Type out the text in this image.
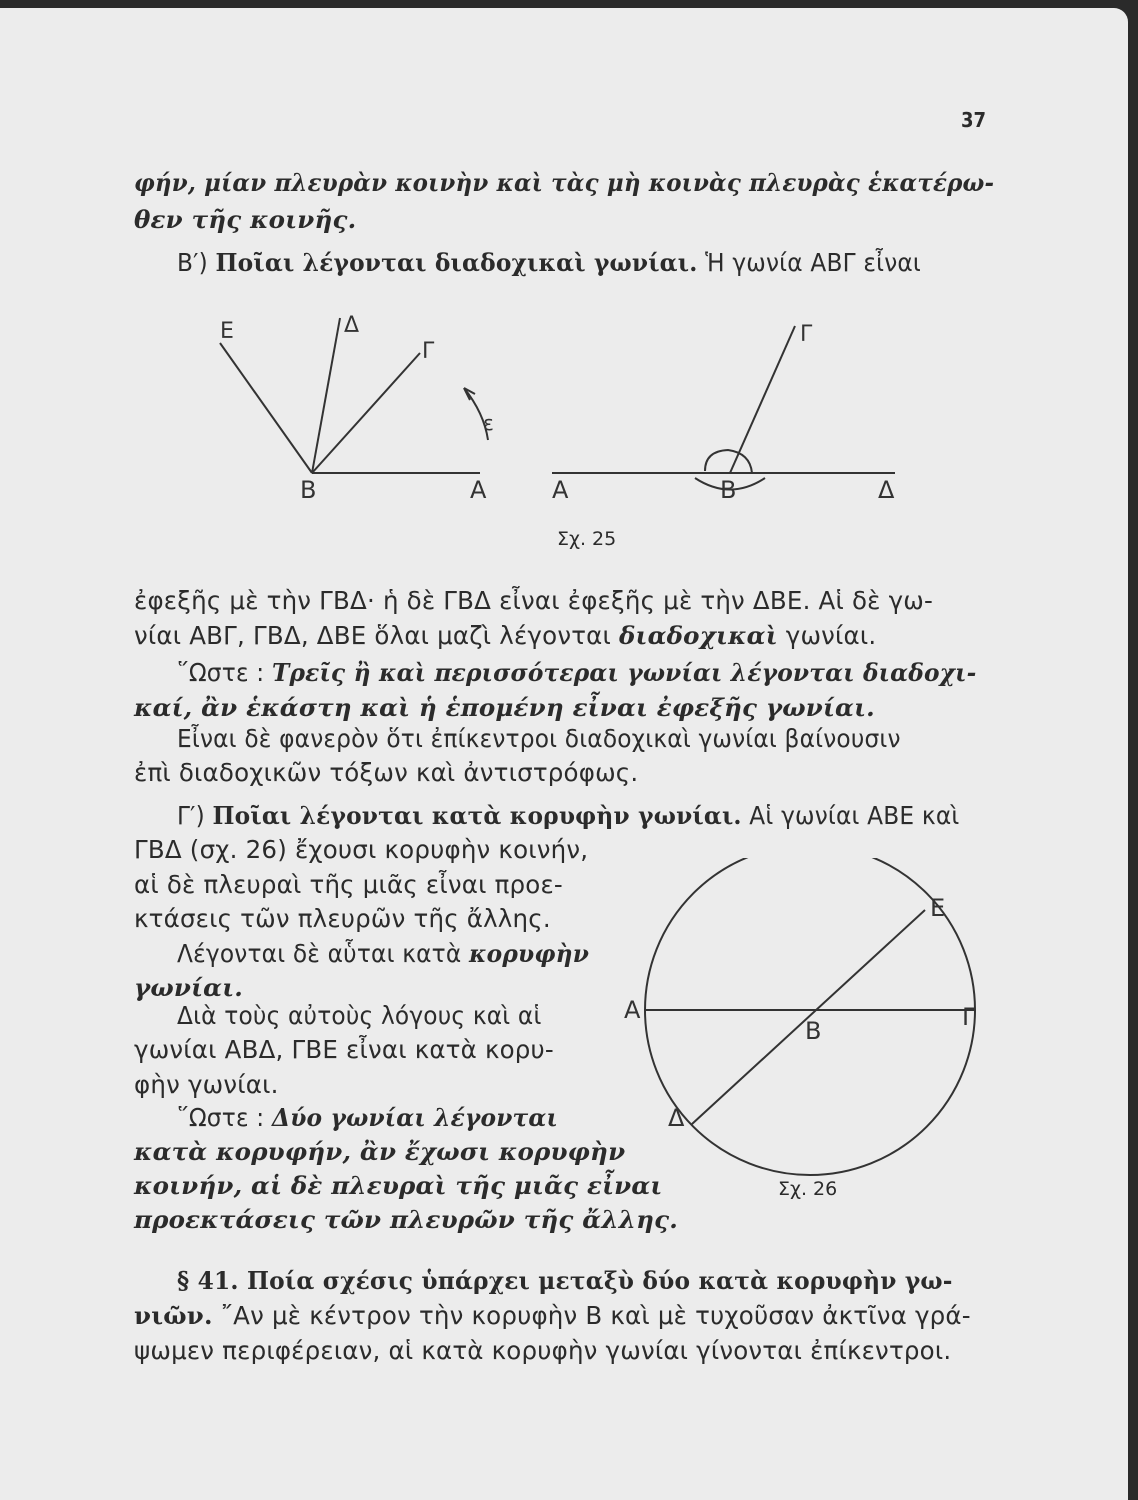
37
φήν, μίαν πλευρὰν κοινὴν καὶ τὰς μὴ κοινὰς πλευρὰς ἑκατέρω-
θεν τῆς κοινῆς.
Β′) Ποῖαι λέγονται διαδοχικαὶ γωνίαι. Ἡ γωνία ΑΒΓ εἶναι
Ε	Δ
Γ
ε
Β	Α
Γ
Α	Β	Δ
Σχ. 25
ἐφεξῆς μὲ τὴν ΓΒΔ· ἡ δὲ ΓΒΔ εἶναι ἐφεξῆς μὲ τὴν ΔΒΕ. Αἱ δὲ γω-
νίαι ΑΒΓ, ΓΒΔ, ΔΒΕ ὅλαι μαζὶ λέγονται διαδοχικαὶ γωνίαι.
῞Ωστε : Τρεῖς ἢ καὶ περισσότεραι γωνίαι λέγονται διαδοχι-
καί, ἂν ἑκάστη καὶ ἡ ἑπομένη εἶναι ἐφεξῆς γωνίαι.
Εἶναι δὲ φανερὸν ὅτι ἐπίκεντροι διαδοχικαὶ γωνίαι βαίνουσιν
ἐπὶ διαδοχικῶν τόξων καὶ ἀντιστρόφως.
Γ′) Ποῖαι λέγονται κατὰ κορυφὴν γωνίαι. Αἱ γωνίαι ΑΒΕ καὶ
ΓΒΔ (σχ. 26) ἔχουσι κορυφὴν κοινήν,
αἱ δὲ πλευραὶ τῆς μιᾶς εἶναι προε-
κτάσεις τῶν πλευρῶν τῆς ἄλλης.
Λέγονται δὲ αὗται κατὰ κορυφὴν
γωνίαι.
Διὰ τοὺς αὐτοὺς λόγους καὶ αἱ
γωνίαι ΑΒΔ, ΓΒΕ εἶναι κατὰ κορυ-
φὴν γωνίαι.
῞Ωστε : Δύο γωνίαι λέγονται
κατὰ κορυφήν, ἂν ἔχωσι κορυφὴν
κοινήν, αἱ δὲ πλευραὶ τῆς μιᾶς εἶναι
προεκτάσεις τῶν πλευρῶν τῆς ἄλλης.
Ε
Α
Β	Γ
Δ
Σχ. 26
§ 41. Ποία σχέσις ὑπάρχει μεταξὺ δύο κατὰ κορυφὴν γω-
νιῶν. ῎Αν μὲ κέντρον τὴν κορυφὴν Β καὶ μὲ τυχοῦσαν ἀκτῖνα γρά-
ψωμεν περιφέρειαν, αἱ κατὰ κορυφὴν γωνίαι γίνονται ἐπίκεντροι.
